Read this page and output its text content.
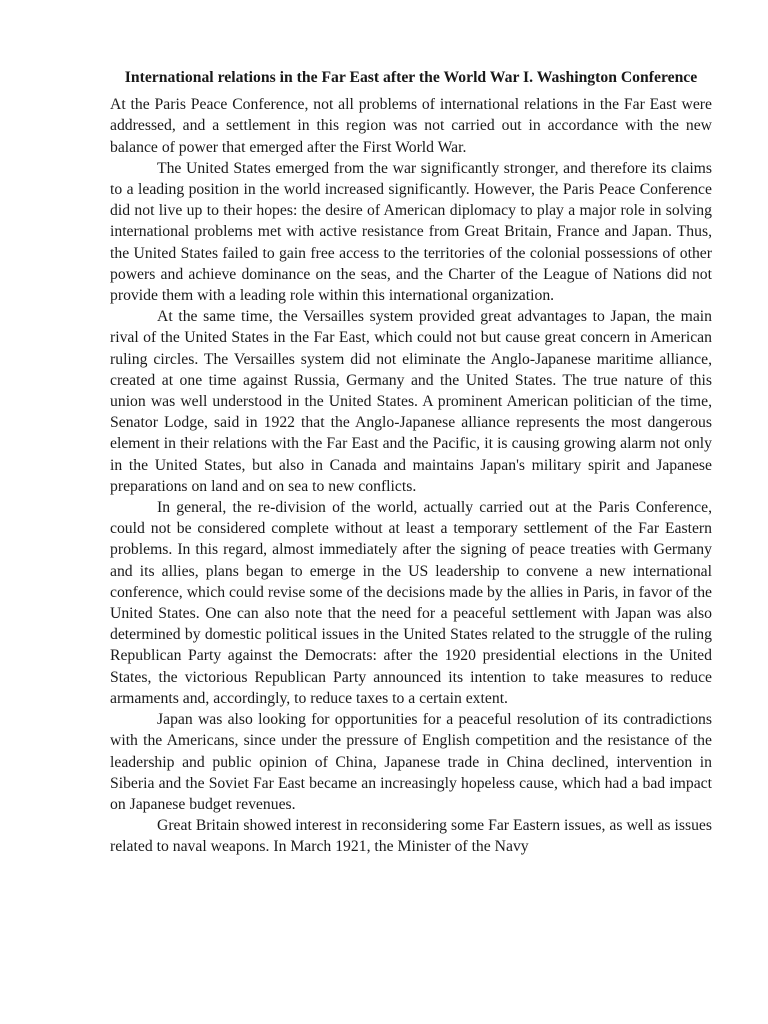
International relations in the Far East after the World War I. Washington Conference

At the Paris Peace Conference, not all problems of international relations in the Far East were addressed, and a settlement in this region was not carried out in accordance with the new balance of power that emerged after the First World War.

The United States emerged from the war significantly stronger, and therefore its claims to a leading position in the world increased significantly. However, the Paris Peace Conference did not live up to their hopes: the desire of American diplomacy to play a major role in solving international problems met with active resistance from Great Britain, France and Japan. Thus, the United States failed to gain free access to the territories of the colonial possessions of other powers and achieve dominance on the seas, and the Charter of the League of Nations did not provide them with a leading role within this international organization.

At the same time, the Versailles system provided great advantages to Japan, the main rival of the United States in the Far East, which could not but cause great concern in American ruling circles. The Versailles system did not eliminate the Anglo-Japanese maritime alliance, created at one time against Russia, Germany and the United States. The true nature of this union was well understood in the United States. A prominent American politician of the time, Senator Lodge, said in 1922 that the Anglo-Japanese alliance represents the most dangerous element in their relations with the Far East and the Pacific, it is causing growing alarm not only in the United States, but also in Canada and maintains Japan's military spirit and Japanese preparations on land and on sea to new conflicts.

In general, the re-division of the world, actually carried out at the Paris Conference, could not be considered complete without at least a temporary settlement of the Far Eastern problems. In this regard, almost immediately after the signing of peace treaties with Germany and its allies, plans began to emerge in the US leadership to convene a new international conference, which could revise some of the decisions made by the allies in Paris, in favor of the United States. One can also note that the need for a peaceful settlement with Japan was also determined by domestic political issues in the United States related to the struggle of the ruling Republican Party against the Democrats: after the 1920 presidential elections in the United States, the victorious Republican Party announced its intention to take measures to reduce armaments and, accordingly, to reduce taxes to a certain extent.

Japan was also looking for opportunities for a peaceful resolution of its contradictions with the Americans, since under the pressure of English competition and the resistance of the leadership and public opinion of China, Japanese trade in China declined, intervention in Siberia and the Soviet Far East became an increasingly hopeless cause, which had a bad impact on Japanese budget revenues.

Great Britain showed interest in reconsidering some Far Eastern issues, as well as issues related to naval weapons. In March 1921, the Minister of the Navy
